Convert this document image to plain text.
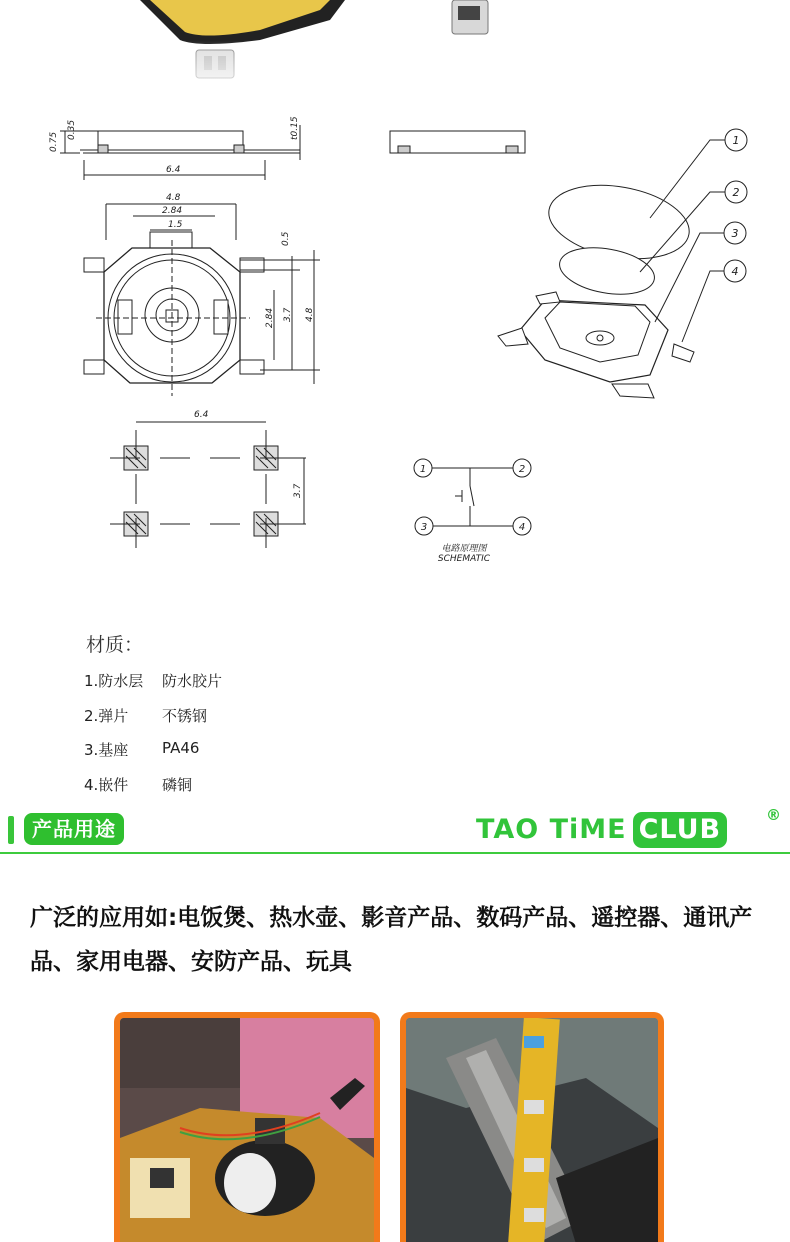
0.75
0.35
6.4
t0.15
4.8
2.84
1.5
0.5
2.84 3.7 4.8
6.4
3.7
1
2
3
4
1	2
3	4
电路原理图
SCHEMATIC
材质：
1.防水层 防水胶片
2.弹片 不锈钢
3.基座 PA46
4.嵌件 磷铜
产品用途	TAO TiME CLUB	®
广泛的应用如:电饭煲、热水壶、影音产品、数码产品、遥控器、通讯产品、家用电器、安防产品、玩具
